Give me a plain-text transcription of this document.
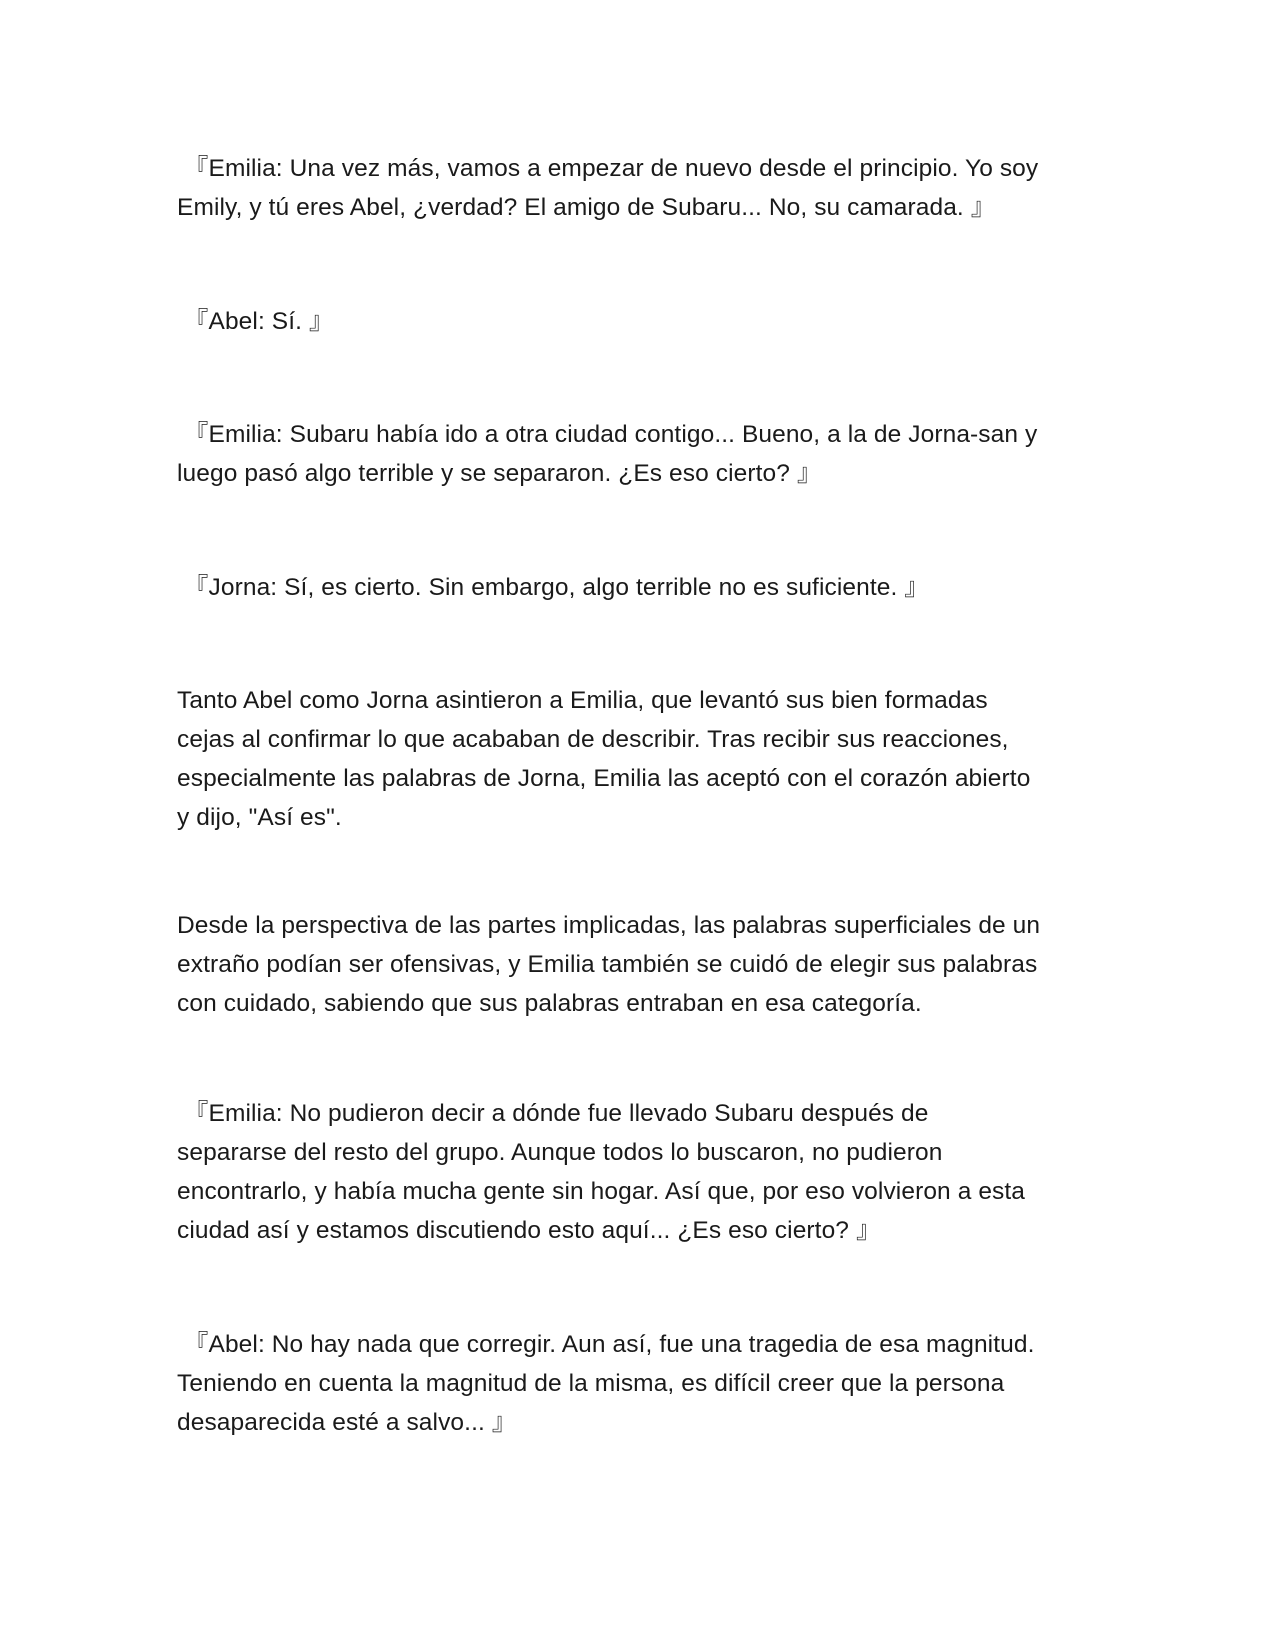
『Emilia: Una vez más, vamos a empezar de nuevo desde el principio. Yo soy
Emily, y tú eres Abel, ¿verdad? El amigo de Subaru... No, su camarada. 』

『Abel: Sí. 』

『Emilia: Subaru había ido a otra ciudad contigo... Bueno, a la de Jorna-san y
luego pasó algo terrible y se separaron. ¿Es eso cierto? 』

『Jorna: Sí, es cierto. Sin embargo, algo terrible no es suficiente. 』

Tanto Abel como Jorna asintieron a Emilia, que levantó sus bien formadas
cejas al confirmar lo que acababan de describir. Tras recibir sus reacciones,
especialmente las palabras de Jorna, Emilia las aceptó con el corazón abierto
y dijo, "Así es".

Desde la perspectiva de las partes implicadas, las palabras superficiales de un
extraño podían ser ofensivas, y Emilia también se cuidó de elegir sus palabras
con cuidado, sabiendo que sus palabras entraban en esa categoría.

『Emilia: No pudieron decir a dónde fue llevado Subaru después de
separarse del resto del grupo. Aunque todos lo buscaron, no pudieron
encontrarlo, y había mucha gente sin hogar. Así que, por eso volvieron a esta
ciudad así y estamos discutiendo esto aquí... ¿Es eso cierto? 』

『Abel: No hay nada que corregir. Aun así, fue una tragedia de esa magnitud.
Teniendo en cuenta la magnitud de la misma, es difícil creer que la persona
desaparecida esté a salvo... 』
